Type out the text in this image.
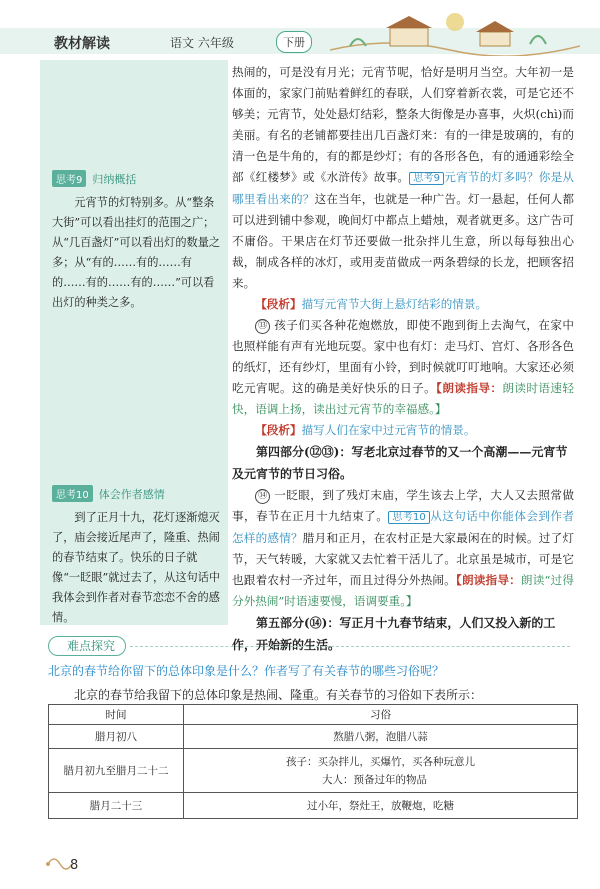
教材解读	语文 六年级	下册
思考9 归纳概括
元宵节的灯特别多。从“整条大街”可以看出挂灯的范围之广；从“几百盏灯”可以看出灯的数量之多；从“有的……有的……有的……有的……有的……”可以看出灯的种类之多。
思考10 体会作者感情
到了正月十九，花灯逐渐熄灭了，庙会接近尾声了，隆重、热闹的春节结束了。快乐的日子就像“一眨眼”就过去了，从这句话中我体会到作者对春节恋恋不舍的感情。

热闹的，可是没有月光；元宵节呢，恰好是明月当空。大年初一是体面的，家家门前贴着鲜红的春联，人们穿着新衣裳，可是它还不够美；元宵节，处处悬灯结彩，整条大街像是办喜事，火炽(chì)而美丽。有名的老铺都要挂出几百盏灯来：有的一律是玻璃的，有的清一色是牛角的，有的都是纱灯；有的各形各色，有的通通彩绘全部《红楼梦》或《水浒传》故事。 思考9 元宵节的灯多吗？你是从哪里看出来的？这在当年，也就是一种广告。灯一悬起，任何人都可以进到铺中参观，晚间灯中都点上蜡烛，观者就更多。这广告可不庸俗。干果店在灯节还要做一批杂拌儿生意，所以每每独出心裁，制成各样的冰灯，或用麦苗做成一两条碧绿的长龙，把顾客招来。

【段析】描写元宵节大街上悬灯结彩的情景。

⑬ 孩子们买各种花炮燃放，即使不跑到街上去淘气，在家中也照样能有声有光地玩耍。家中也有灯：走马灯、宫灯、各形各色的纸灯，还有纱灯，里面有小铃，到时候就叮叮地响。大家还必须吃元宵呢。这的确是美好快乐的日子。【朗读指导：朗读时语速轻快，语调上扬，读出过元宵节的幸福感。】

【段析】描写人们在家中过元宵节的情景。

第四部分(⑫⑬)：写老北京过春节的又一个高潮——元宵节及元宵节的节日习俗。

⑭ 一眨眼，到了残灯末庙，学生该去上学，大人又去照常做事，春节在正月十九结束了。 思考10 从这句话中你能体会到作者怎样的感情？腊月和正月，在农村正是大家最闲在的时候。过了灯节，天气转暖，大家就又去忙着干活儿了。北京虽是城市，可是它也跟着农村一齐过年，而且过得分外热闹。【朗读指导：朗读“过得分外热闹”时语速要慢，语调要重。】

第五部分(⑭)：写正月十九春节结束，人们又投入新的工作，开始新的生活。

难点探究
北京的春节给你留下的总体印象是什么？作者写了有关春节的哪些习俗呢？
北京的春节给我留下的总体印象是热闹、隆重。有关春节的习俗如下表所示：
时间	习俗
腊月初八	熬腊八粥，泡腊八蒜
腊月初九至腊月二十二	孩子：买杂拌儿，买爆竹，买各种玩意儿
大人：预备过年的物品

腊月二十三	过小年，祭灶王，放鞭炮，吃糖
8
